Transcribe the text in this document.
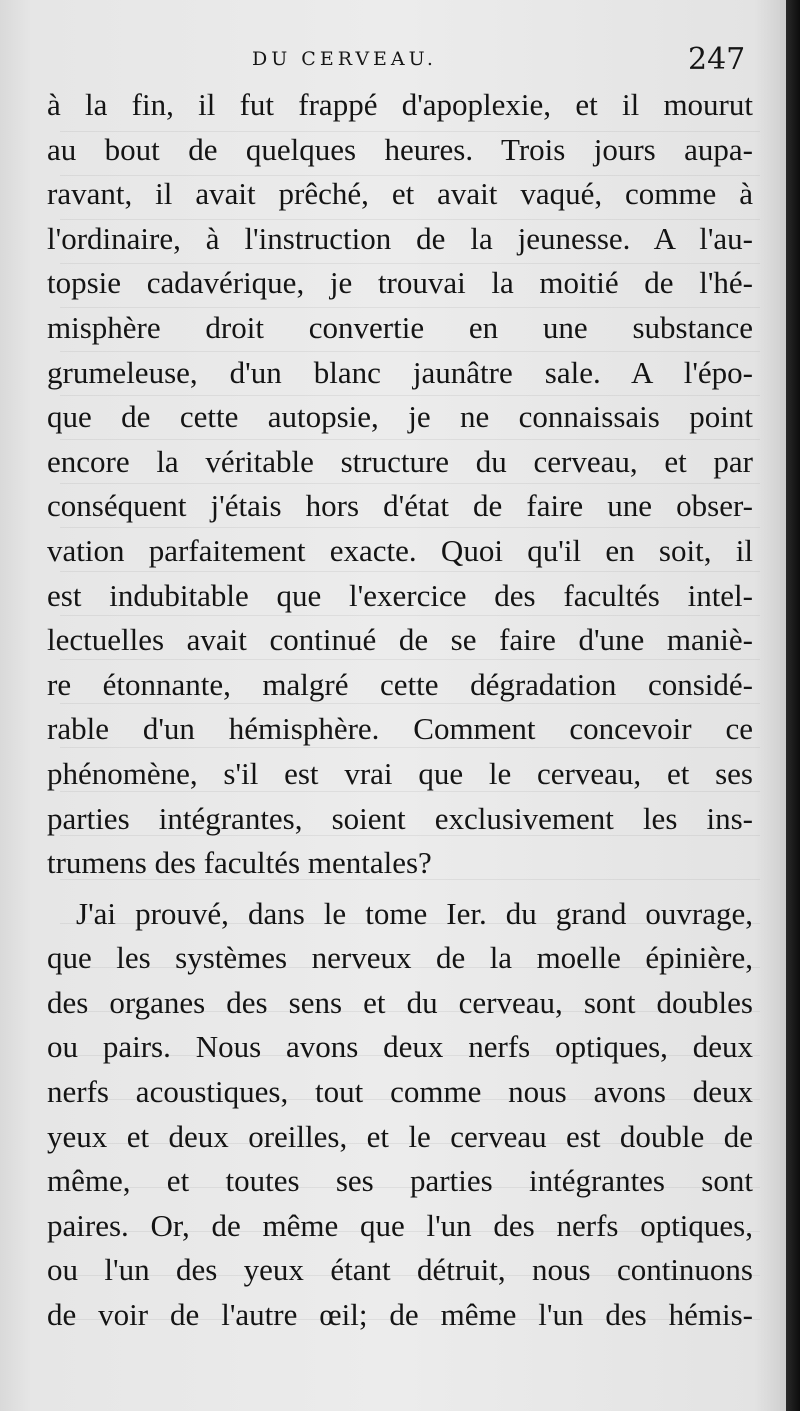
DU CERVEAU.	247
à la fin, il fut frappé d'apoplexie, et il mourut
au bout de quelques heures. Trois jours aupa-
ravant, il avait prêché, et avait vaqué, comme à
l'ordinaire, à l'instruction de la jeunesse. A l'au-
topsie cadavérique, je trouvai la moitié de l'hé-
misphère droit convertie en une substance
grumeleuse, d'un blanc jaunâtre sale. A l'épo-
que de cette autopsie, je ne connaissais point
encore la véritable structure du cerveau, et par
conséquent j'étais hors d'état de faire une obser-
vation parfaitement exacte. Quoi qu'il en soit, il
est indubitable que l'exercice des facultés intel-
lectuelles avait continué de se faire d'une maniè-
re étonnante, malgré cette dégradation considé-
rable d'un hémisphère. Comment concevoir ce
phénomène, s'il est vrai que le cerveau, et ses
parties intégrantes, soient exclusivement les ins-
trumens des facultés mentales?
J'ai prouvé, dans le tome Ier. du grand ouvrage,
que les systèmes nerveux de la moelle épinière,
des organes des sens et du cerveau, sont doubles
ou pairs. Nous avons deux nerfs optiques, deux
nerfs acoustiques, tout comme nous avons deux
yeux et deux oreilles, et le cerveau est double de
même, et toutes ses parties intégrantes sont
paires. Or, de même que l'un des nerfs optiques,
ou l'un des yeux étant détruit, nous continuons
de voir de l'autre œil; de même l'un des hémis-
